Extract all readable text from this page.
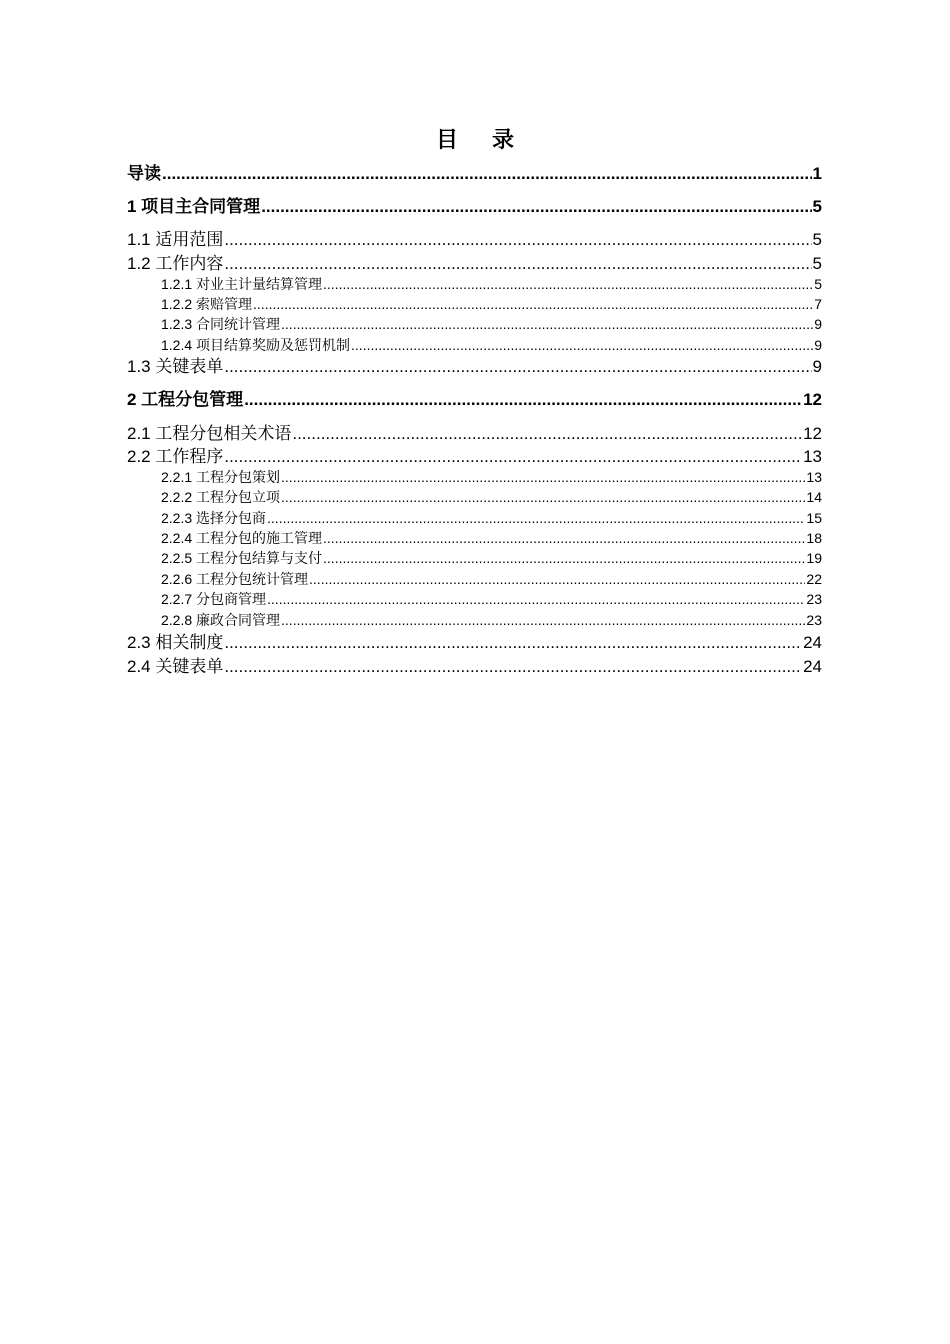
目 录
导读 .....	1
1 项目主合同管理 .....	5
1.1 适用范围 .....	5
1.2 工作内容 .....	5
1.2.1 对业主计量结算管理 .....	5
1.2.2 索赔管理 .....	7
1.2.3 合同统计管理 .....	9
1.2.4 项目结算奖励及惩罚机制 .....	9
1.3 关键表单 .....	9
2 工程分包管理 .....	12
2.1 工程分包相关术语 .....	12
2.2 工作程序 .....	13
2.2.1 工程分包策划 .....	13
2.2.2 工程分包立项 .....	14
2.2.3 选择分包商 .....	15
2.2.4 工程分包的施工管理 .....	18
2.2.5 工程分包结算与支付 .....	19
2.2.6 工程分包统计管理 .....	22
2.2.7 分包商管理 .....	23
2.2.8 廉政合同管理 .....	23
2.3 相关制度 .....	24
2.4 关键表单 .....	24
